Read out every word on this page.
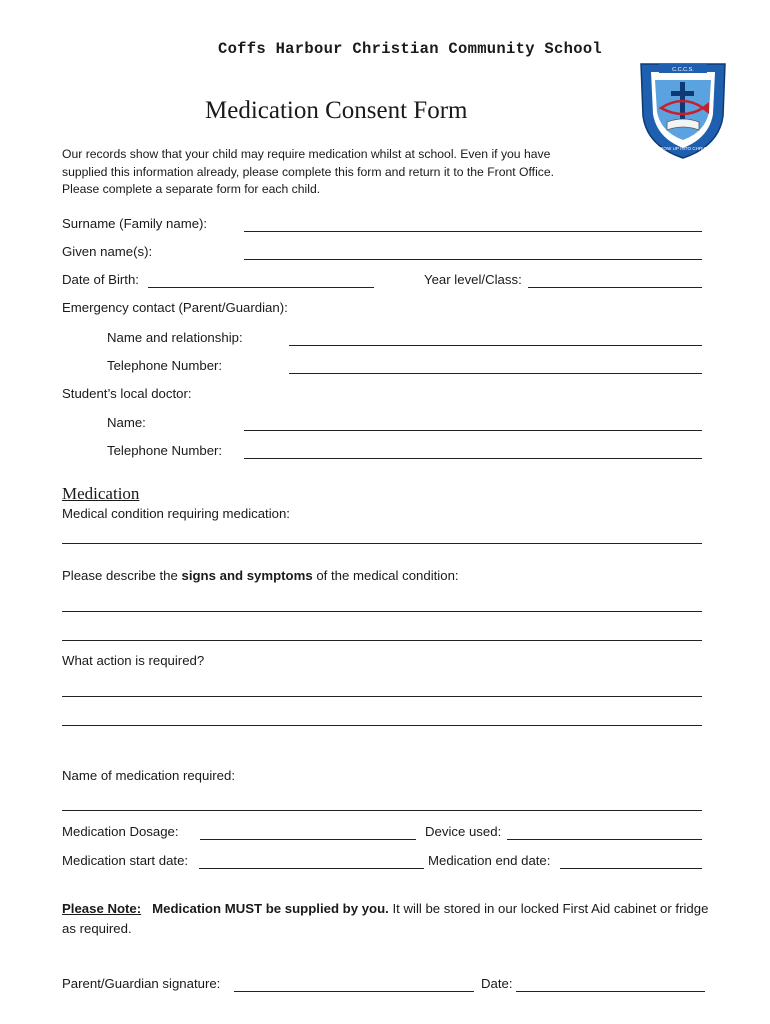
Coffs Harbour Christian Community School
C.C.C.S.
COFFS HARBOUR
GROW UP INTO CHRIST
Medication Consent Form
Our records show that your child may require medication whilst at school. Even if you have
supplied this information already, please complete this form and return it to the Front Office.
Please complete a separate form for each child.
Surname (Family name):
Given name(s):
Date of Birth:	Year level/Class:
Emergency contact (Parent/Guardian):
Name and relationship:
Telephone Number:
Student’s local doctor:
Name:
Telephone Number:
Medication
Medical condition requiring medication:
Please describe the signs and symptoms of the medical condition:
What action is required?
Name of medication required:
Medication Dosage:	Device used:
Medication start date:	Medication end date:
Please Note: Medication MUST be supplied by you. It will be stored in our locked First Aid cabinet or fridge as required.
Parent/Guardian signature:	Date:
